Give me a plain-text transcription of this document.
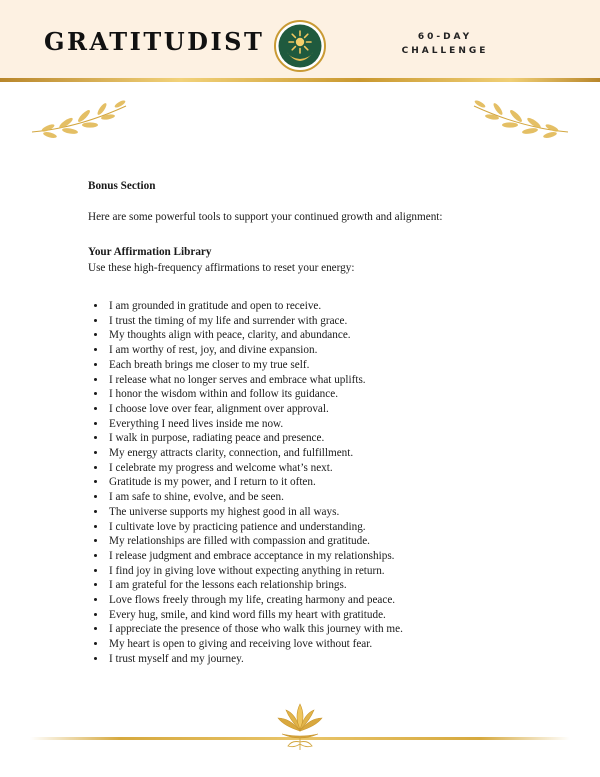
GRATITUDIST	60-DAY
CHALLENGE
Bonus Section
Here are some powerful tools to support your continued growth and alignment:
Your Affirmation Library
Use these high-frequency affirmations to reset your energy:
• I am grounded in gratitude and open to receive.
• I trust the timing of my life and surrender with grace.
• My thoughts align with peace, clarity, and abundance.
• I am worthy of rest, joy, and divine expansion.
• Each breath brings me closer to my true self.
• I release what no longer serves and embrace what uplifts.
• I honor the wisdom within and follow its guidance.
• I choose love over fear, alignment over approval.
• Everything I need lives inside me now.
• I walk in purpose, radiating peace and presence.
• My energy attracts clarity, connection, and fulfillment.
• I celebrate my progress and welcome what’s next.
• Gratitude is my power, and I return to it often.
• I am safe to shine, evolve, and be seen.
• The universe supports my highest good in all ways.
• I cultivate love by practicing patience and understanding.
• My relationships are filled with compassion and gratitude.
• I release judgment and embrace acceptance in my relationships.
• I find joy in giving love without expecting anything in return.
• I am grateful for the lessons each relationship brings.
• Love flows freely through my life, creating harmony and peace.
• Every hug, smile, and kind word fills my heart with gratitude.
• I appreciate the presence of those who walk this journey with me.
• My heart is open to giving and receiving love without fear.
• I trust myself and my journey.
